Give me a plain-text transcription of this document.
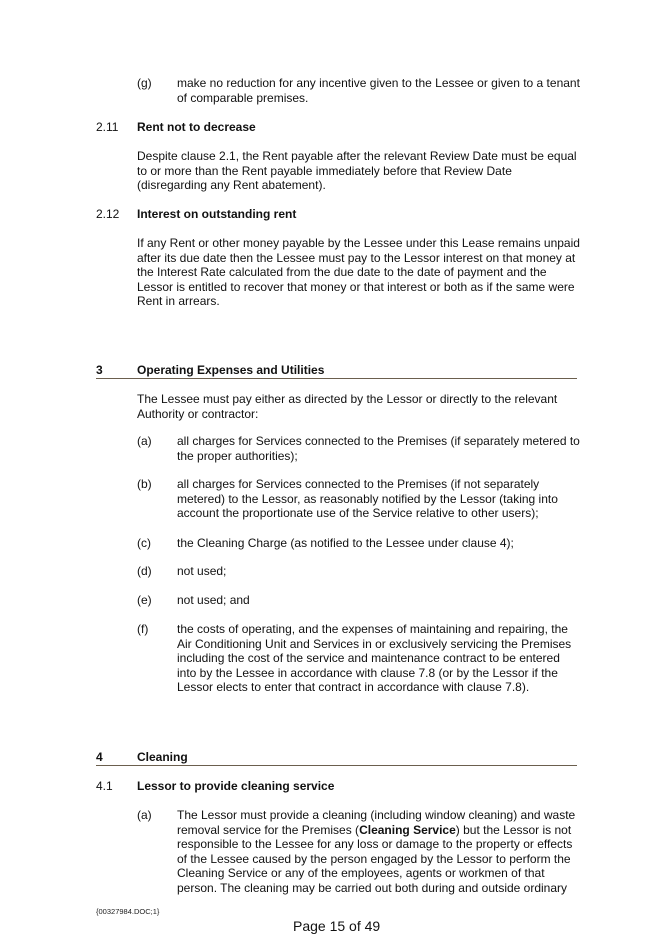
(g) make no reduction for any incentive given to the Lessee or given to a tenant of comparable premises.
2.11 Rent not to decrease
Despite clause 2.1, the Rent payable after the relevant Review Date must be equal to or more than the Rent payable immediately before that Review Date (disregarding any Rent abatement).
2.12 Interest on outstanding rent
If any Rent or other money payable by the Lessee under this Lease remains unpaid after its due date then the Lessee must pay to the Lessor interest on that money at the Interest Rate calculated from the due date to the date of payment and the Lessor is entitled to recover that money or that interest or both as if the same were Rent in arrears.
3	Operating Expenses and Utilities
The Lessee must pay either as directed by the Lessor or directly to the relevant Authority or contractor:
(a) all charges for Services connected to the Premises (if separately metered to the proper authorities);
(b) all charges for Services connected to the Premises (if not separately metered) to the Lessor, as reasonably notified by the Lessor (taking into account the proportionate use of the Service relative to other users);
(c) the Cleaning Charge (as notified to the Lessee under clause 4);
(d) not used;
(e) not used; and
(f) the costs of operating, and the expenses of maintaining and repairing, the Air Conditioning Unit and Services in or exclusively servicing the Premises including the cost of the service and maintenance contract to be entered into by the Lessee in accordance with clause 7.8 (or by the Lessor if the Lessor elects to enter that contract in accordance with clause 7.8).
4	Cleaning
4.1 Lessor to provide cleaning service
(a) The Lessor must provide a cleaning (including window cleaning) and waste removal service for the Premises (Cleaning Service) but the Lessor is not responsible to the Lessee for any loss or damage to the property or effects of the Lessee caused by the person engaged by the Lessor to perform the Cleaning Service or any of the employees, agents or workmen of that person. The cleaning may be carried out both during and outside ordinary
{00327984.DOC;1}
Page 15 of 49
